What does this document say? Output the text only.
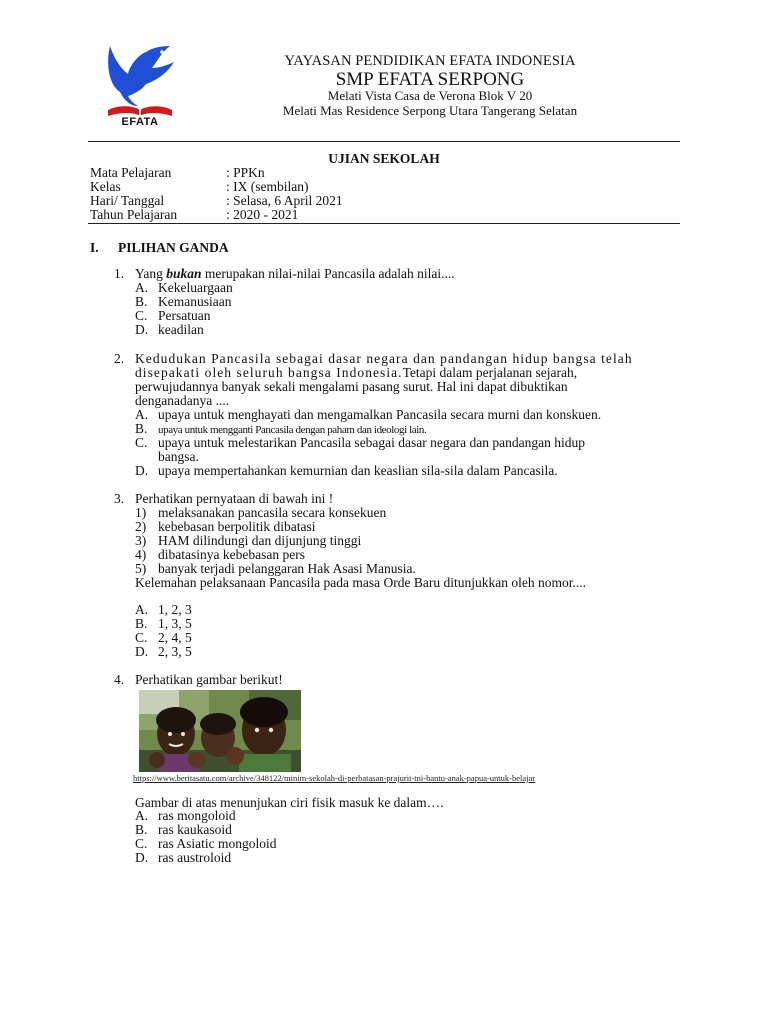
EFATA
YAYASAN PENDIDIKAN EFATA INDONESIA
SMP EFATA SERPONG
Melati Vista Casa de Verona Blok V 20
Melati Mas Residence Serpong Utara Tangerang Selatan
UJIAN SEKOLAH
Mata Pelajaran	: PPKn
Kelas	: IX (sembilan)
Hari/ Tanggal	: Selasa, 6 April 2021
Tahun Pelajaran	: 2020 - 2021
I. PILIHAN GANDA
1. Yang bukan merupakan nilai-nilai Pancasila adalah nilai....
A. Kekeluargaan
B. Kemanusiaan
C. Persatuan
D. keadilan
2. Kedudukan Pancasila sebagai dasar negara dan pandangan hidup bangsa telah
disepakati oleh seluruh bangsa Indonesia.Tetapi dalam perjalanan sejarah,
perwujudannya banyak sekali mengalami pasang surut. Hal ini dapat dibuktikan
denganadanya ....
A. upaya untuk menghayati dan mengamalkan Pancasila secara murni dan konskuen.
B. upaya untuk mengganti Pancasila dengan paham dan ideologi lain.
C. upaya untuk melestarikan Pancasila sebagai dasar negara dan pandangan hidup
bangsa.
D. upaya mempertahankan kemurnian dan keaslian sila-sila dalam Pancasila.
3. Perhatikan pernyataan di bawah ini !
1) melaksanakan pancasila secara konsekuen
2) kebebasan berpolitik dibatasi
3) HAM dilindungi dan dijunjung tinggi
4) dibatasinya kebebasan pers
5) banyak terjadi pelanggaran Hak Asasi Manusia.
Kelemahan pelaksanaan Pancasila pada masa Orde Baru ditunjukkan oleh nomor....
A. 1, 2, 3
B. 1, 3, 5
C. 2, 4, 5
D. 2, 3, 5
4. Perhatikan gambar berikut!
https://www.beritasatu.com/archive/348122/minim-sekolah-di-perbatasan-prajurit-tni-bantu-anak-papua-untuk-belajar
Gambar di atas menunjukan ciri fisik masuk ke dalam….
A. ras mongoloid
B. ras kaukasoid
C. ras Asiatic mongoloid
D. ras austroloid
